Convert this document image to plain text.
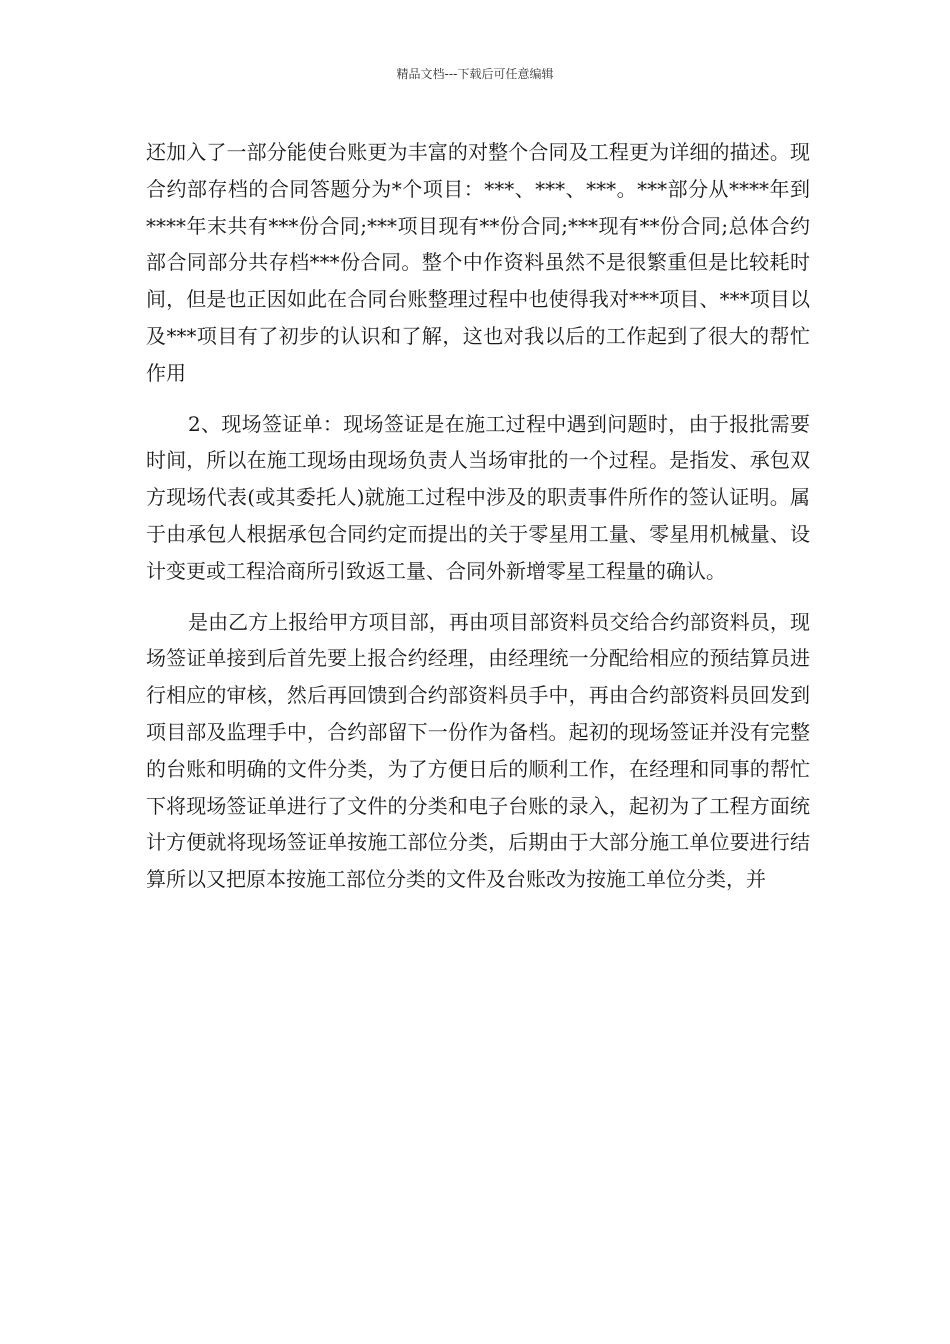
精品文档---下载后可任意编辑

还加入了一部分能使台账更为丰富的对整个合同及工程更为详细的描述。现合约部存档的合同答题分为*个项目：***、***、***。***部分从****年到****年末共有***份合同;***项目现有**份合同;***现有**份合同;总体合约部合同部分共存档***份合同。整个中作资料虽然不是很繁重但是比较耗时间，但是也正因如此在合同台账整理过程中也使得我对***项目、***项目以及***项目有了初步的认识和了解，这也对我以后的工作起到了很大的帮忙作用

2、现场签证单：现场签证是在施工过程中遇到问题时，由于报批需要时间，所以在施工现场由现场负责人当场审批的一个过程。是指发、承包双方现场代表(或其委托人)就施工过程中涉及的职责事件所作的签认证明。属于由承包人根据承包合同约定而提出的关于零星用工量、零星用机械量、设计变更或工程洽商所引致返工量、合同外新增零星工程量的确认。

是由乙方上报给甲方项目部，再由项目部资料员交给合约部资料员，现场签证单接到后首先要上报合约经理，由经理统一分配给相应的预结算员进行相应的审核，然后再回馈到合约部资料员手中，再由合约部资料员回发到项目部及监理手中，合约部留下一份作为备档。起初的现场签证并没有完整的台账和明确的文件分类，为了方便日后的顺利工作，在经理和同事的帮忙下将现场签证单进行了文件的分类和电子台账的录入，起初为了工程方面统计方便就将现场签证单按施工部位分类，后期由于大部分施工单位要进行结算所以又把原本按施工部位分类的文件及台账改为按施工单位分类，并
